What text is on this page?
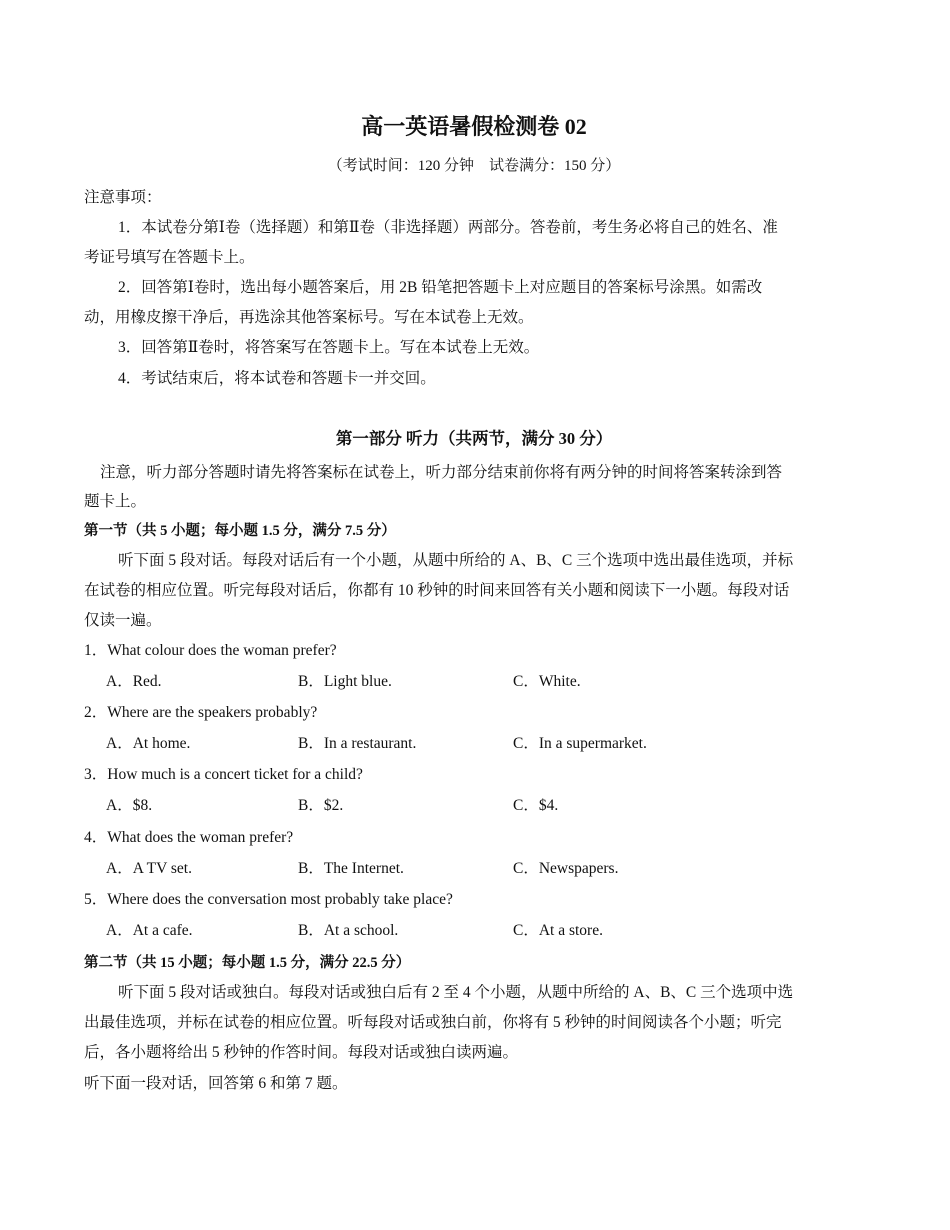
高一英语暑假检测卷 02
（考试时间：120 分钟　试卷满分：150 分）
注意事项：
1．本试卷分第Ⅰ卷（选择题）和第Ⅱ卷（非选择题）两部分。答卷前，考生务必将自己的姓名、准
考证号填写在答题卡上。
2．回答第Ⅰ卷时，选出每小题答案后，用 2B 铅笔把答题卡上对应题目的答案标号涂黑。如需改
动，用橡皮擦干净后，再选涂其他答案标号。写在本试卷上无效。
3．回答第Ⅱ卷时，将答案写在答题卡上。写在本试卷上无效。
4．考试结束后，将本试卷和答题卡一并交回。
第一部分 听力（共两节，满分 30 分）
注意，听力部分答题时请先将答案标在试卷上，听力部分结束前你将有两分钟的时间将答案转涂到答
题卡上。
第一节（共 5 小题；每小题 1.5 分，满分 7.5 分）
听下面 5 段对话。每段对话后有一个小题，从题中所给的 A、B、C 三个选项中选出最佳选项，并标
在试卷的相应位置。听完每段对话后，你都有 10 秒钟的时间来回答有关小题和阅读下一小题。每段对话
仅读一遍。
1．What colour does the woman prefer?
A．Red.	B．Light blue.	C．White.
2．Where are the speakers probably?
A．At home.	B．In a restaurant.	C．In a supermarket.
3．How much is a concert ticket for a child?
A．$8.	B．$2.	C．$4.
4．What does the woman prefer?
A．A TV set.	B．The Internet.	C．Newspapers.
5．Where does the conversation most probably take place?
A．At a cafe.	B．At a school.	C．At a store.
第二节（共 15 小题；每小题 1.5 分，满分 22.5 分）
听下面 5 段对话或独白。每段对话或独白后有 2 至 4 个小题，从题中所给的 A、B、C 三个选项中选
出最佳选项，并标在试卷的相应位置。听每段对话或独白前，你将有 5 秒钟的时间阅读各个小题；听完
后，各小题将给出 5 秒钟的作答时间。每段对话或独白读两遍。
听下面一段对话，回答第 6 和第 7 题。
